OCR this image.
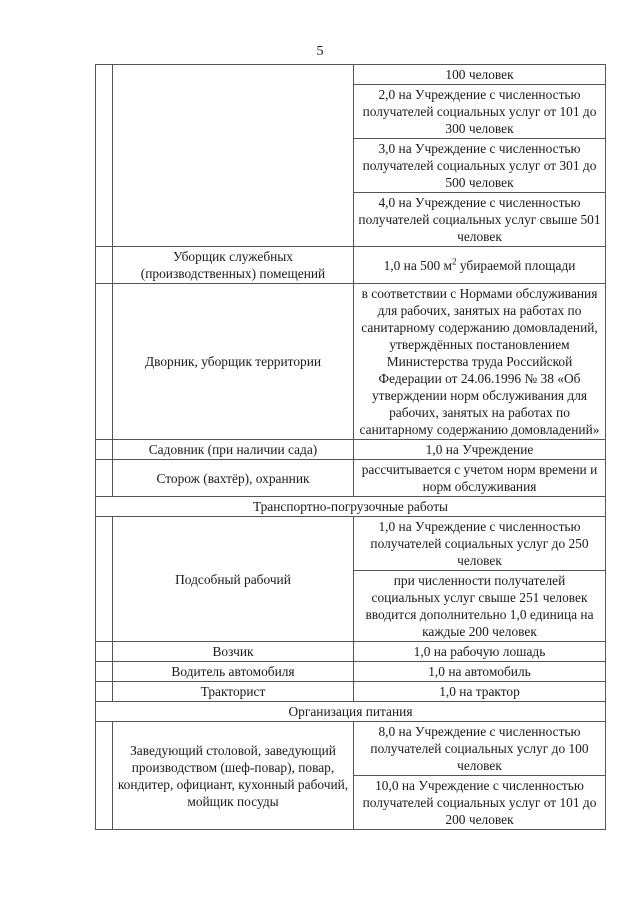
5
		100 человек
		2,0 на Учреждение с численностью получателей социальных услуг от 101 до 300 человек
		3,0 на Учреждение с численностью получателей социальных услуг от 301 до 500 человек
		4,0 на Учреждение с численностью получателей социальных услуг свыше 501 человек
	Уборщик служебных (производственных) помещений	1,0 на 500 $м^2$ убираемой площади
	Дворник, уборщик территории	в соответствии с Нормами обслуживания для рабочих, занятых на работах по санитарному содержанию домовладений, утверждённых постановлением Министерства труда Российской Федерации от 24.06.1996 № 38 «Об утверждении норм обслуживания для рабочих, занятых на работах по санитарному содержанию домовладений»
	Садовник (при наличии сада)	1,0 на Учреждение
	Сторож (вахтёр), охранник	рассчитывается с учетом норм времени и норм обслуживания
Транспортно-погрузочные работы		
	Подсобный рабочий	1,0 на Учреждение с численностью получателей социальных услуг до 250 человек
		при численности получателей социальных услуг свыше 251 человек вводится дополнительно 1,0 единица на каждые 200 человек
	Возчик	1,0 на рабочую лошадь
	Водитель автомобиля	1,0 на автомобиль
	Тракторист	1,0 на трактор
Организация питания		
	Заведующий столовой, заведующий производством (шеф-повар), повар, кондитер, официант, кухонный рабочий, мойщик посуды	8,0 на Учреждение с численностью получателей социальных услуг до 100 человек
		10,0 на Учреждение с численностью получателей социальных услуг от 101 до 200 человек
